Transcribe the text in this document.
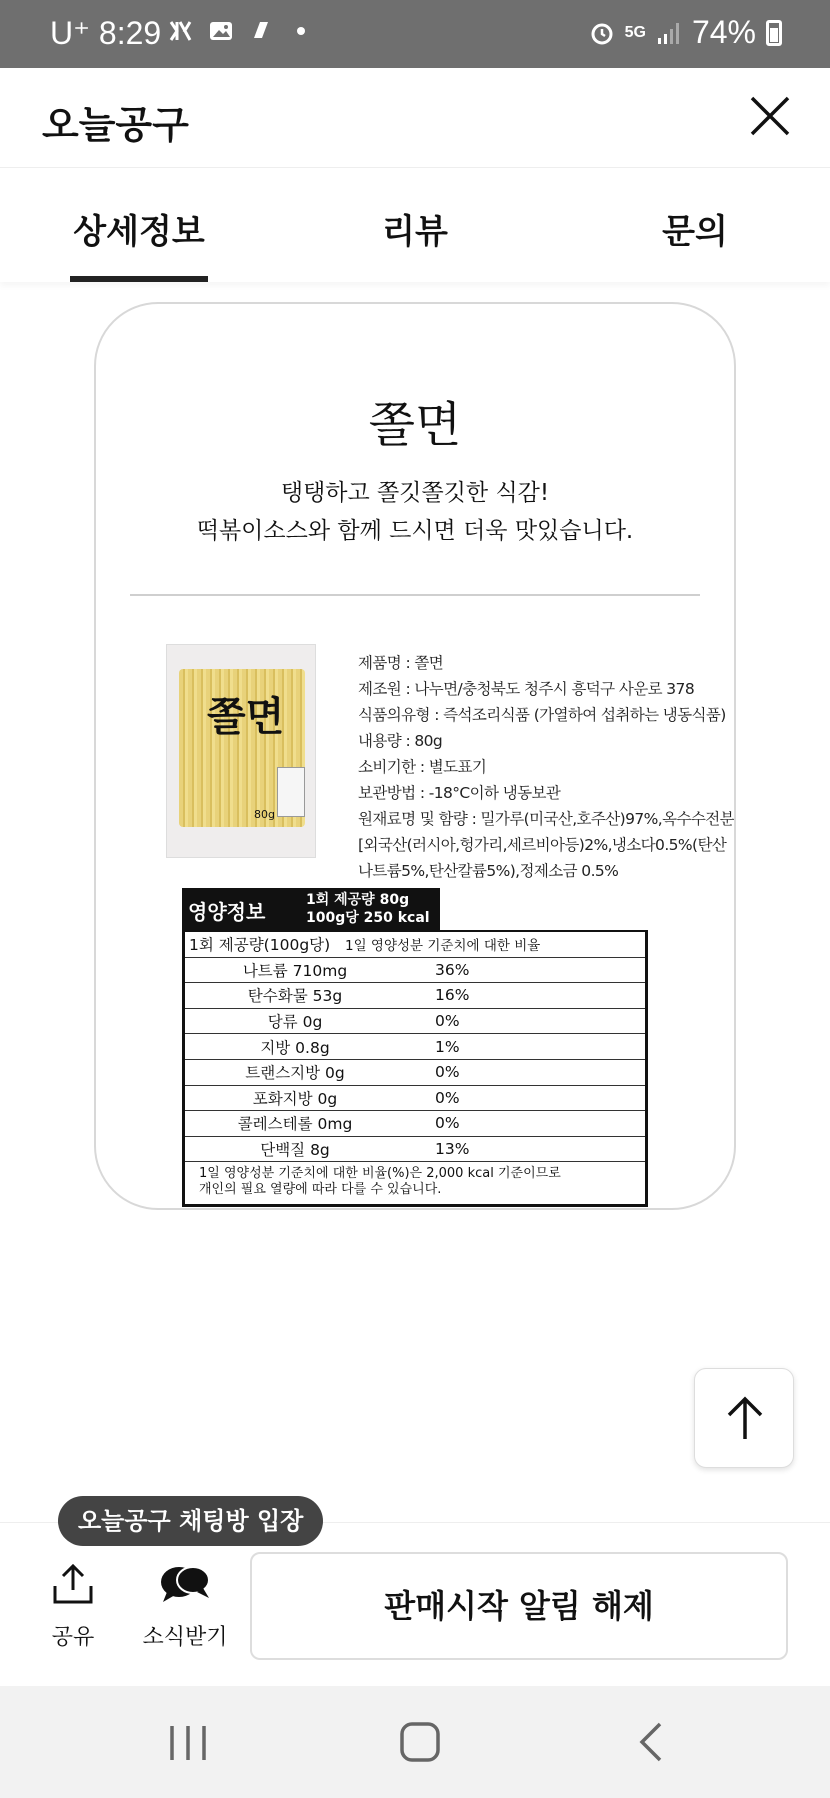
U⁺ 8:29	5G 74%
오늘공구
상세정보	리뷰	문의
쫄면
탱탱하고 쫄깃쫄깃한 식감!
떡볶이소스와 함께 드시면 더욱 맛있습니다.
쫄면
80g

제품명 : 쫄면

제조원 : 나누면/충청북도 청주시 흥덕구 사운로 378

식품의유형 : 즉석조리식품 (가열하여 섭취하는 냉동식품)

내용량 : 80g

소비기한 : 별도표기

보관방법 : -18°C이하 냉동보관

원재료명 및 함량 : 밀가루(미국산,호주산)97%,옥수수전분[외국산(러시아,헝가리,세르비아등)2%,냉소다0.5%(탄산나트륨5%,탄산칼륨5%),정제소금 0.5%

영양정보	1회 제공량 80g
100g당 250 kcal
1회 제공량(100g당)	1일 영양성분 기준치에 대한 비율
나트륨 710mg	36%
탄수화물 53g	16%
당류 0g	0%
지방 0.8g	1%
트랜스지방 0g	0%
포화지방 0g	0%
콜레스테롤 0mg	0%
단백질 8g	13%
1일 영양성분 기준치에 대한 비율(%)은 2,000 kcal 기준이므로
개인의 필요 열량에 따라 다를 수 있습니다.
오늘공구 채팅방 입장
공유	소식받기
판매시작 알림 해제
